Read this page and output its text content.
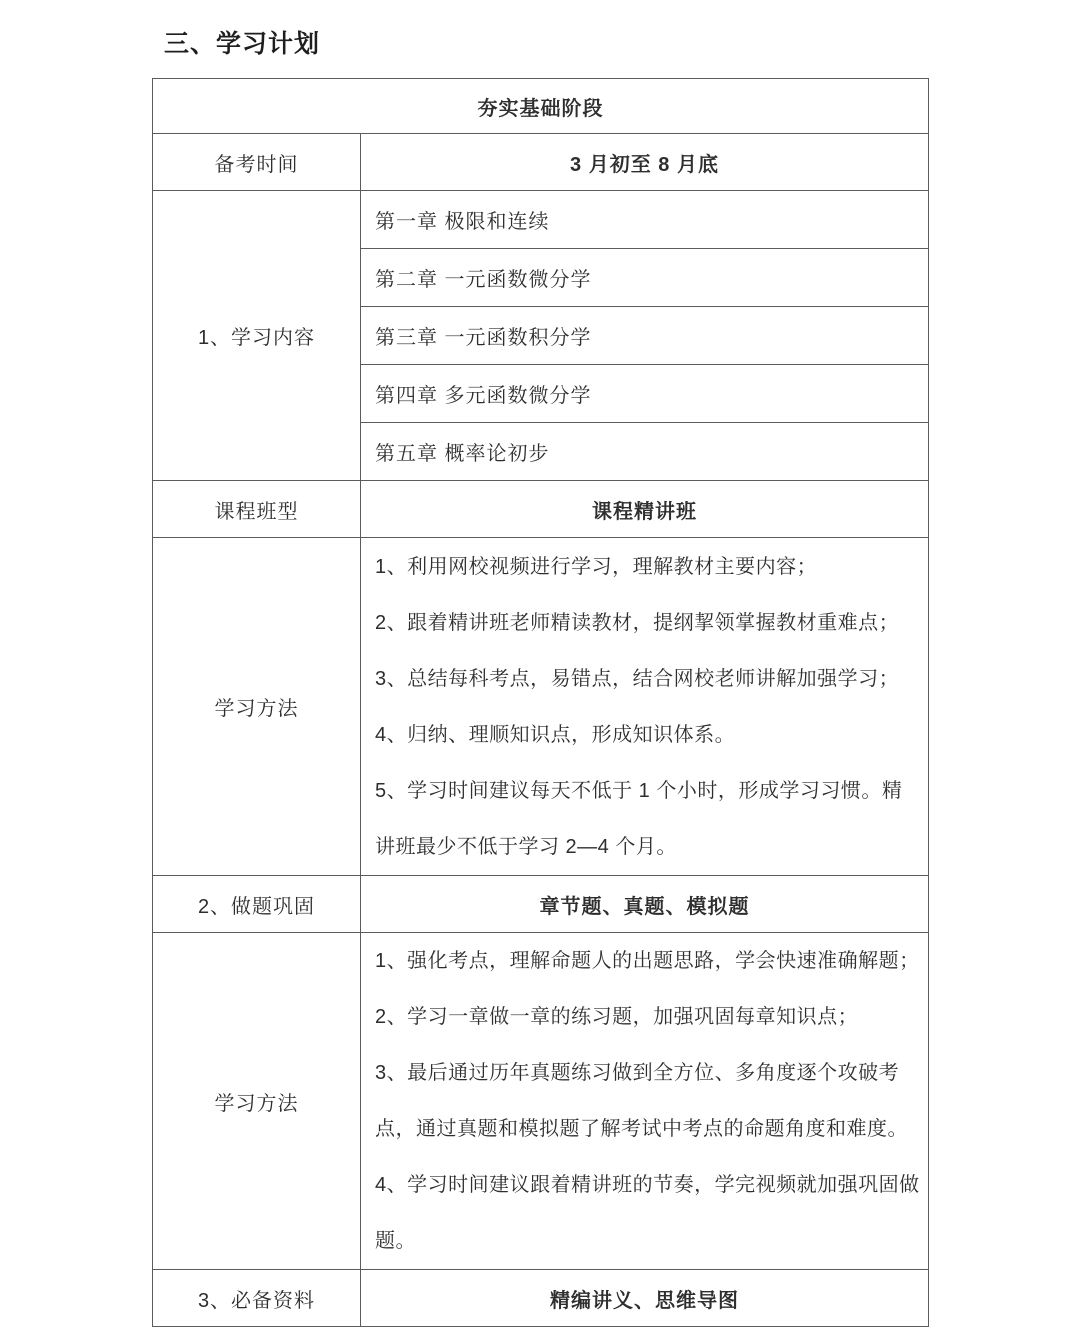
三、学习计划
夯实基础阶段	
备考时间	3 月初至 8 月底
1、学习内容	第一章 极限和连续
	第二章 一元函数微分学
	第三章 一元函数积分学
	第四章 多元函数微分学
	第五章 概率论初步
课程班型	课程精讲班
学习方法	1、利用网校视频进行学习，理解教材主要内容；
2、跟着精讲班老师精读教材，提纲挈领掌握教材重难点；
3、总结每科考点，易错点，结合网校老师讲解加强学习；
4、归纳、理顺知识点，形成知识体系。
5、学习时间建议每天不低于 1 个小时，形成学习习惯。精讲班最少不低于学习 2—4 个月。

2、做题巩固	章节题、真题、模拟题
学习方法	1、强化考点，理解命题人的出题思路，学会快速准确解题；
2、学习一章做一章的练习题，加强巩固每章知识点；
3、最后通过历年真题练习做到全方位、多角度逐个攻破考点，通过真题和模拟题了解考试中考点的命题角度和难度。
4、学习时间建议跟着精讲班的节奏，学完视频就加强巩固做题。

3、必备资料	精编讲义、思维导图
